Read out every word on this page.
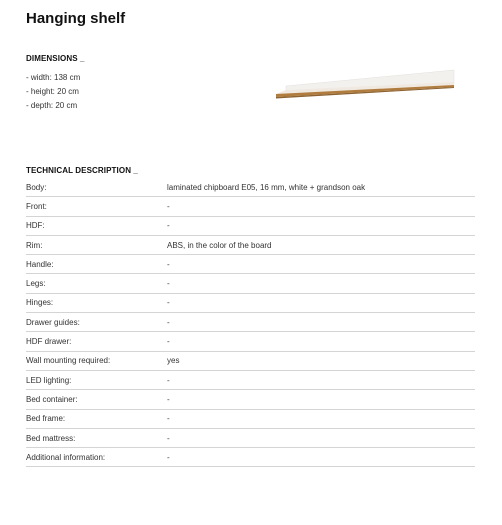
Hanging shelf
DIMENSIONS _
- width: 138 cm
- height: 20 cm
- depth: 20 cm
TECHNICAL DESCRIPTION _
Body:	laminated chipboard E05, 16 mm, white + grandson oak
Front:	-
HDF:	-
Rim:	ABS, in the color of the board
Handle:	-
Legs:	-
Hinges:	-
Drawer guides:	-
HDF drawer:	-
Wall mounting required:	yes
LED lighting:	-
Bed container:	-
Bed frame:	-
Bed mattress:	-
Additional information:	-
